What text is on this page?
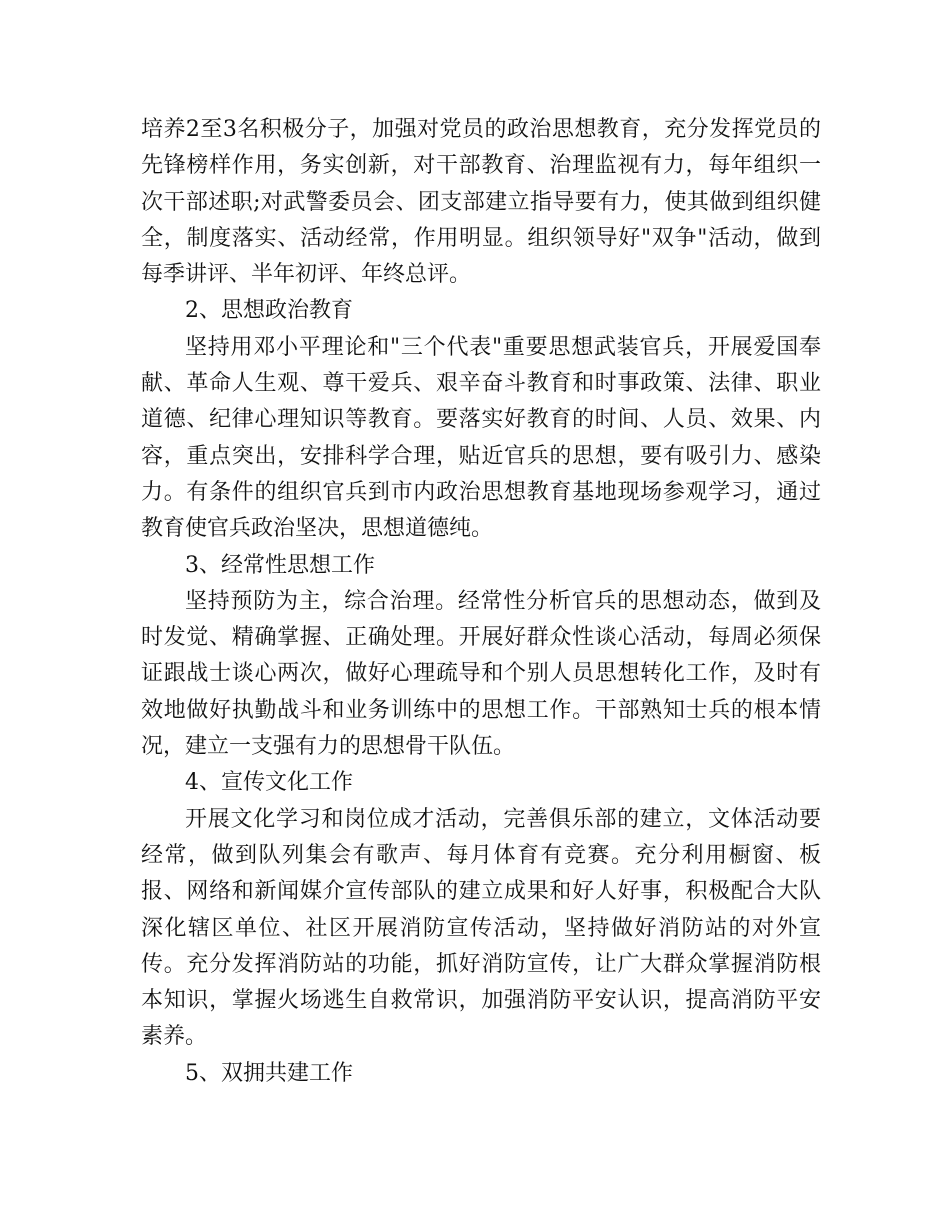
培养2至3名积极分子，加强对党员的政治思想教育，充分发挥党员的先锋榜样作用，务实创新，对干部教育、治理监视有力，每年组织一次干部述职;对武警委员会、团支部建立指导要有力，使其做到组织健全，制度落实、活动经常，作用明显。组织领导好"双争"活动，做到每季讲评、半年初评、年终总评。

2、思想政治教育

坚持用邓小平理论和"三个代表"重要思想武装官兵，开展爱国奉献、革命人生观、尊干爱兵、艰辛奋斗教育和时事政策、法律、职业道德、纪律心理知识等教育。要落实好教育的时间、人员、效果、内容，重点突出，安排科学合理，贴近官兵的思想，要有吸引力、感染力。有条件的组织官兵到市内政治思想教育基地现场参观学习，通过教育使官兵政治坚决，思想道德纯。

3、经常性思想工作

坚持预防为主，综合治理。经常性分析官兵的思想动态，做到及时发觉、精确掌握、正确处理。开展好群众性谈心活动，每周必须保证跟战士谈心两次，做好心理疏导和个别人员思想转化工作，及时有效地做好执勤战斗和业务训练中的思想工作。干部熟知士兵的根本情况，建立一支强有力的思想骨干队伍。

4、宣传文化工作

开展文化学习和岗位成才活动，完善俱乐部的建立，文体活动要经常，做到队列集会有歌声、每月体育有竞赛。充分利用橱窗、板报、网络和新闻媒介宣传部队的建立成果和好人好事，积极配合大队深化辖区单位、社区开展消防宣传活动，坚持做好消防站的对外宣传。充分发挥消防站的功能，抓好消防宣传，让广大群众掌握消防根本知识，掌握火场逃生自救常识，加强消防平安认识，提高消防平安素养。

5、双拥共建工作
